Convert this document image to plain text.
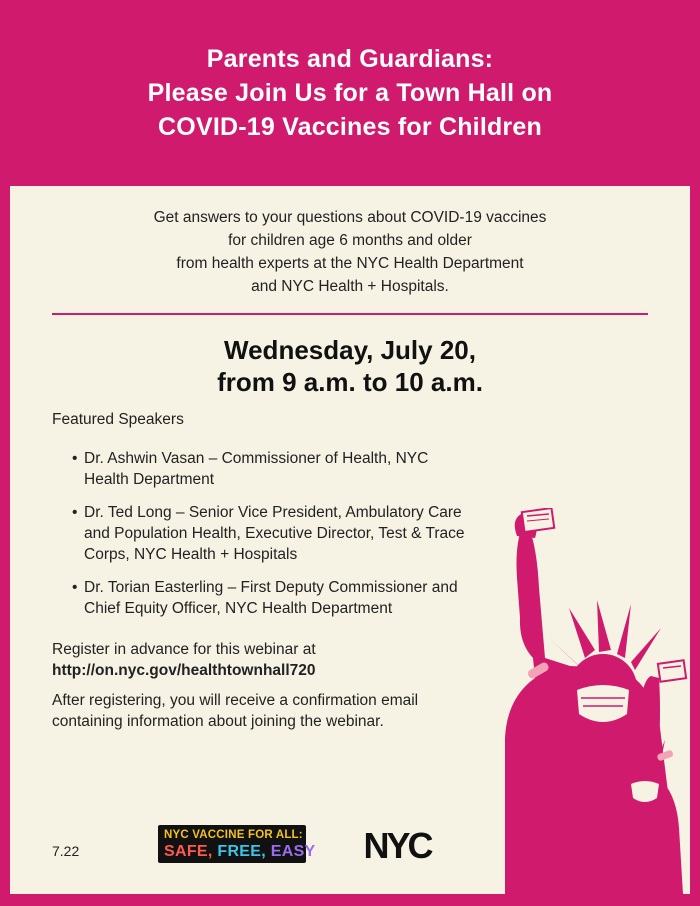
Parents and Guardians:
Please Join Us for a Town Hall on
COVID-19 Vaccines for Children
Get answers to your questions about COVID-19 vaccines
for children age 6 months and older
from health experts at the NYC Health Department
and NYC Health + Hospitals.
Wednesday, July 20,
from 9 a.m. to 10 a.m.
Featured Speakers
• Dr. Ashwin Vasan – Commissioner of Health, NYC Health Department
• Dr. Ted Long – Senior Vice President, Ambulatory Care and Population Health, Executive Director, Test & Trace Corps, NYC Health + Hospitals
• Dr. Torian Easterling – First Deputy Commissioner and Chief Equity Officer, NYC Health Department
Register in advance for this webinar at
http://on.nyc.gov/healthtownhall720
After registering, you will receive a confirmation email containing information about joining the webinar.
7.22
NYC VACCINE FOR ALL:
SAFE, FREE, EASY NYC
